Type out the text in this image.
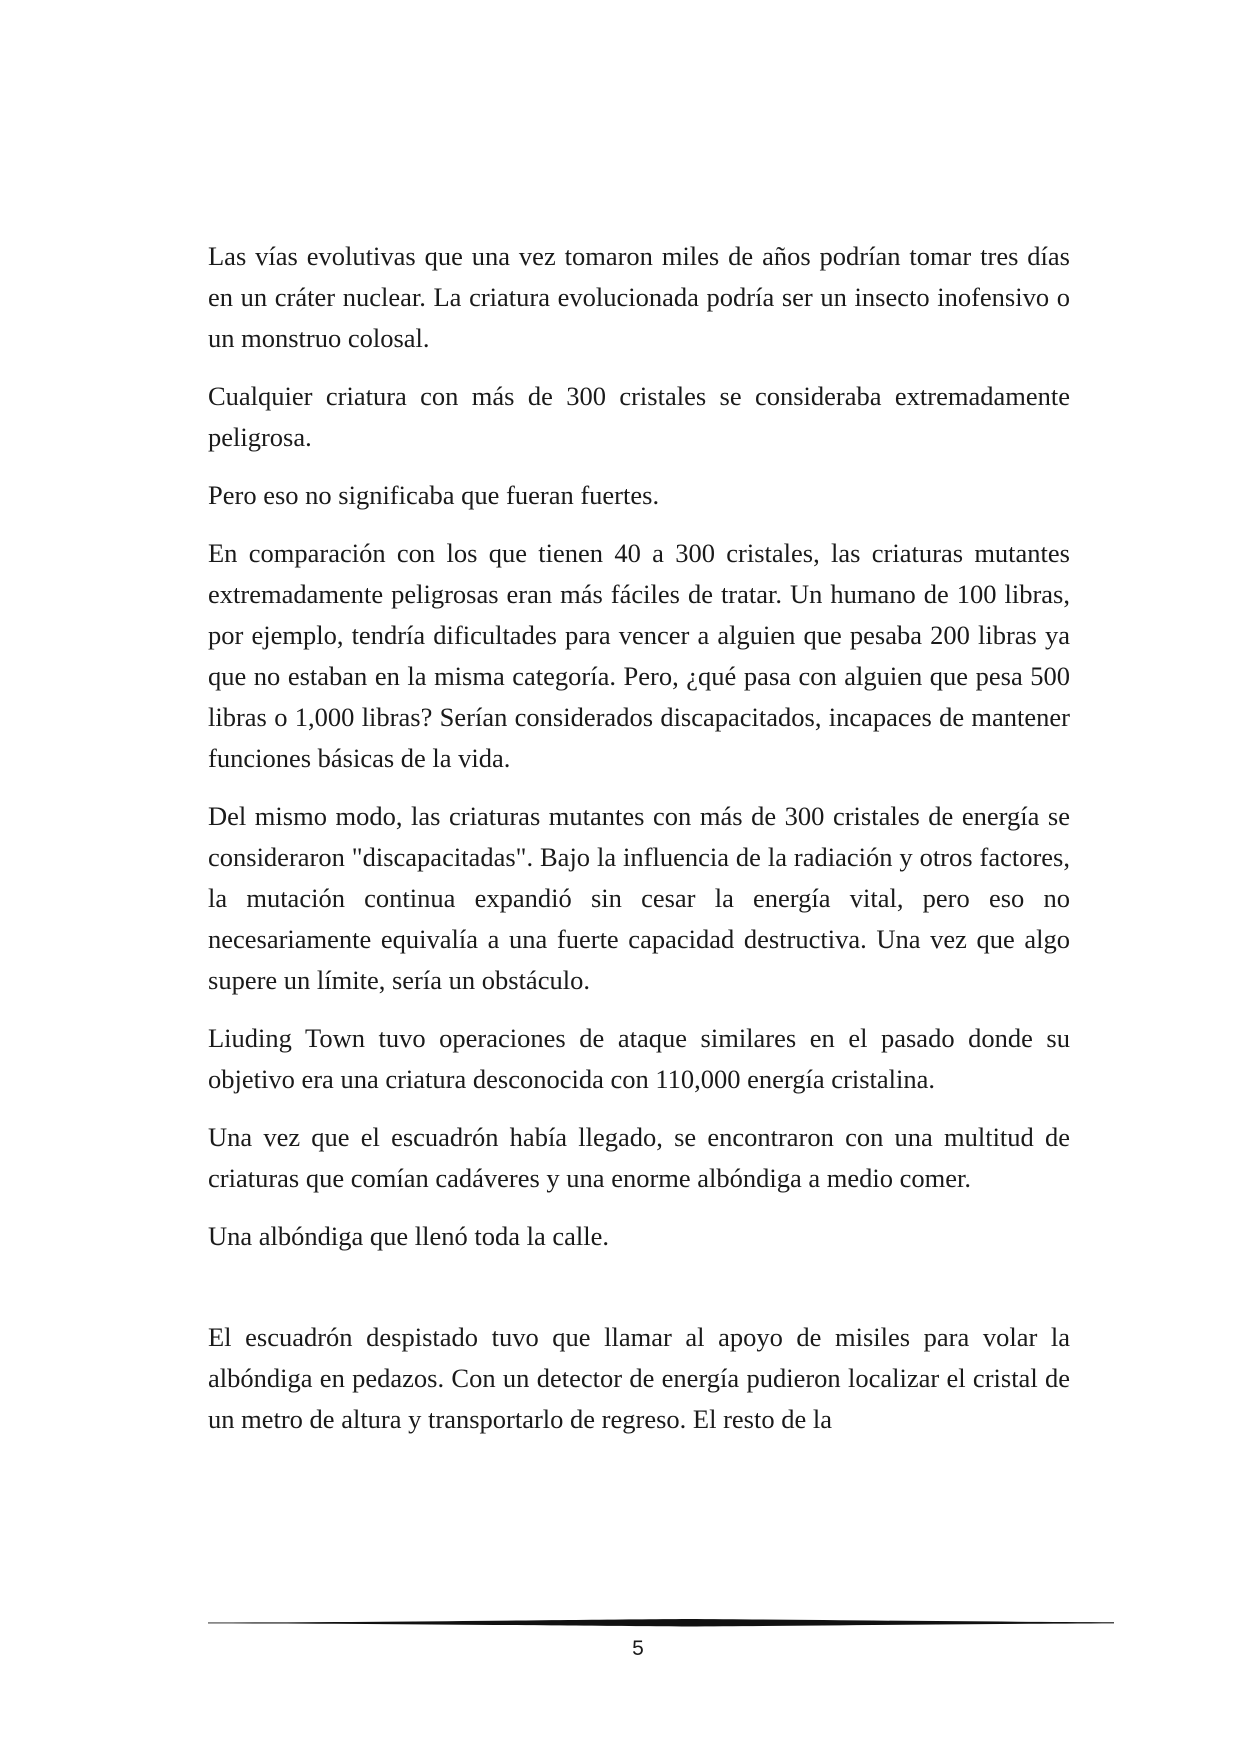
Las vías evolutivas que una vez tomaron miles de años podrían tomar tres días en un cráter nuclear. La criatura evolucionada podría ser un insecto inofensivo o un monstruo colosal.

Cualquier criatura con más de 300 cristales se consideraba extremadamente peligrosa.

Pero eso no significaba que fueran fuertes.

En comparación con los que tienen 40 a 300 cristales, las criaturas mutantes extremadamente peligrosas eran más fáciles de tratar. Un humano de 100 libras, por ejemplo, tendría dificultades para vencer a alguien que pesaba 200 libras ya que no estaban en la misma categoría. Pero, ¿qué pasa con alguien que pesa 500 libras o 1,000 libras? Serían considerados discapacitados, incapaces de mantener funciones básicas de la vida.

Del mismo modo, las criaturas mutantes con más de 300 cristales de energía se consideraron "discapacitadas". Bajo la influencia de la radiación y otros factores, la mutación continua expandió sin cesar la energía vital, pero eso no necesariamente equivalía a una fuerte capacidad destructiva. Una vez que algo supere un límite, sería un obstáculo.

Liuding Town tuvo operaciones de ataque similares en el pasado donde su objetivo era una criatura desconocida con 110,000 energía cristalina.

Una vez que el escuadrón había llegado, se encontraron con una multitud de criaturas que comían cadáveres y una enorme albóndiga a medio comer.

Una albóndiga que llenó toda la calle.

El escuadrón despistado tuvo que llamar al apoyo de misiles para volar la albóndiga en pedazos. Con un detector de energía pudieron localizar el cristal de un metro de altura y transportarlo de regreso. El resto de la

5
